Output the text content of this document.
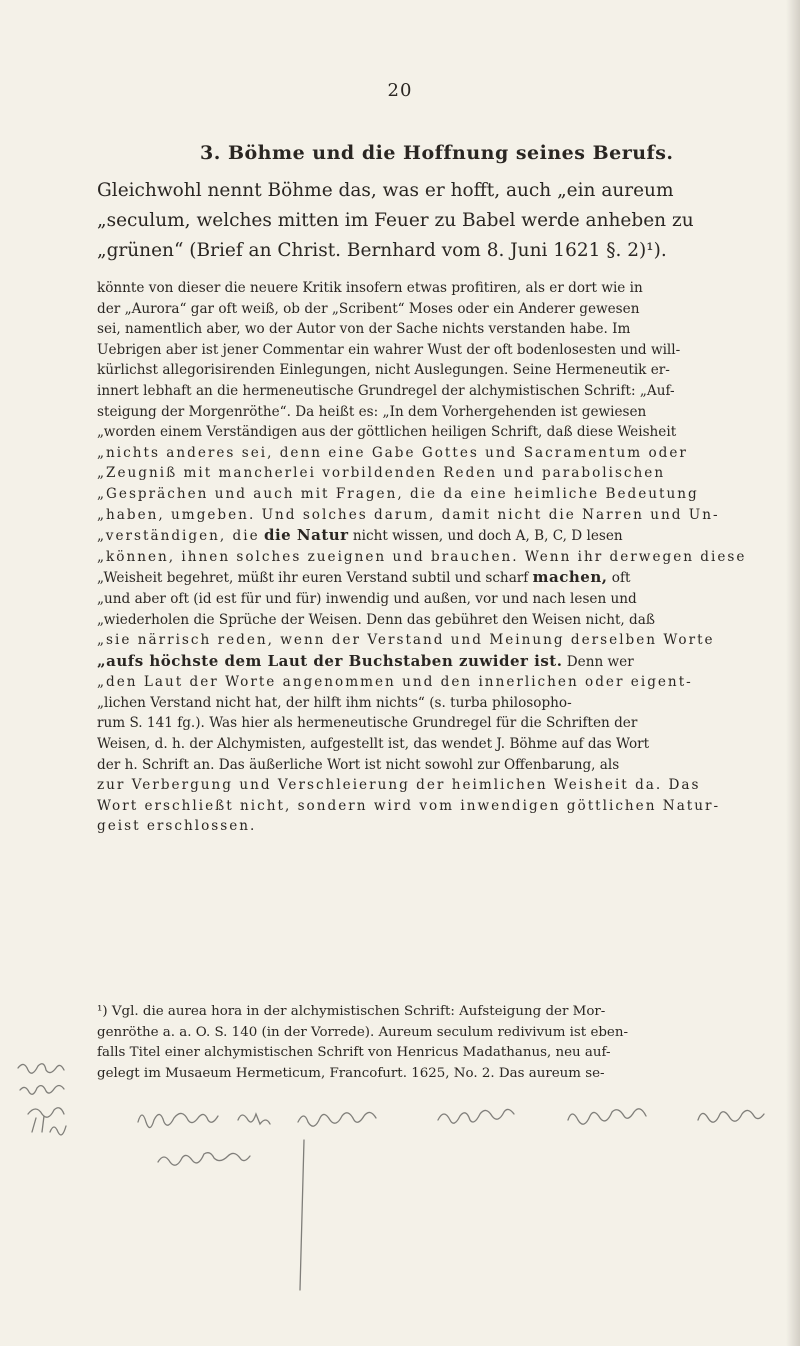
20
3. Böhme und die Hoffnung seines Berufs.

Gleichwohl nennt Böhme das, was er hofft, auch „ein aureum
„seculum, welches mitten im Feuer zu Babel werde anheben zu
„grünen“ (Brief an Christ. Bernhard vom 8. Juni 1621 §. 2)¹).

könnte von dieser die neuere Kritik insofern etwas profitiren, als er dort wie in
der „Aurora“ gar oft weiß, ob der „Scribent“ Moses oder ein Anderer gewesen
sei, namentlich aber, wo der Autor von der Sache nichts verstanden habe. Im
Uebrigen aber ist jener Commentar ein wahrer Wust der oft bodenlosesten und will-
kürlichst allegorisirenden Einlegungen, nicht Auslegungen. Seine Hermeneutik er-
innert lebhaft an die hermeneutische Grundregel der alchymistischen Schrift: „Auf-
steigung der Morgenröthe“. Da heißt es: „In dem Vorhergehenden ist gewiesen
„worden einem Verständigen aus der göttlichen heiligen Schrift, daß diese Weisheit
„nichts anderes sei, denn eine Gabe Gottes und Sacramentum oder
„Zeugniß mit mancherlei vorbildenden Reden und parabolischen
„Gesprächen und auch mit Fragen, die da eine heimliche Bedeutung
„haben, umgeben. Und solches darum, damit nicht die Narren und Un-
„verständigen, die die Natur nicht wissen, und doch A, B, C, D lesen
„können, ihnen solches zueignen und brauchen. Wenn ihr derwegen diese
„Weisheit begehret, müßt ihr euren Verstand subtil und scharf machen, oft
„und aber oft (id est für und für) inwendig und außen, vor und nach lesen und
„wiederholen die Sprüche der Weisen. Denn das gebühret den Weisen nicht, daß
„sie närrisch reden, wenn der Verstand und Meinung derselben Worte
„aufs höchste dem Laut der Buchstaben zuwider ist. Denn wer
„den Laut der Worte angenommen und den innerlichen oder eigent-
„lichen Verstand nicht hat, der hilft ihm nichts“ (s. turba philosopho-
rum S. 141 fg.). Was hier als hermeneutische Grundregel für die Schriften der
Weisen, d. h. der Alchymisten, aufgestellt ist, das wendet J. Böhme auf das Wort
der h. Schrift an. Das äußerliche Wort ist nicht sowohl zur Offenbarung, als
zur Verbergung und Verschleierung der heimlichen Weisheit da. Das
Wort erschließt nicht, sondern wird vom inwendigen göttlichen Natur-
geist erschlossen.

¹) Vgl. die aurea hora in der alchymistischen Schrift: Aufsteigung der Mor-
genröthe a. a. O. S. 140 (in der Vorrede). Aureum seculum redivivum ist eben-
falls Titel einer alchymistischen Schrift von Henricus Madathanus, neu auf-
gelegt im Musaeum Hermeticum, Francofurt. 1625, No. 2. Das aureum se-
